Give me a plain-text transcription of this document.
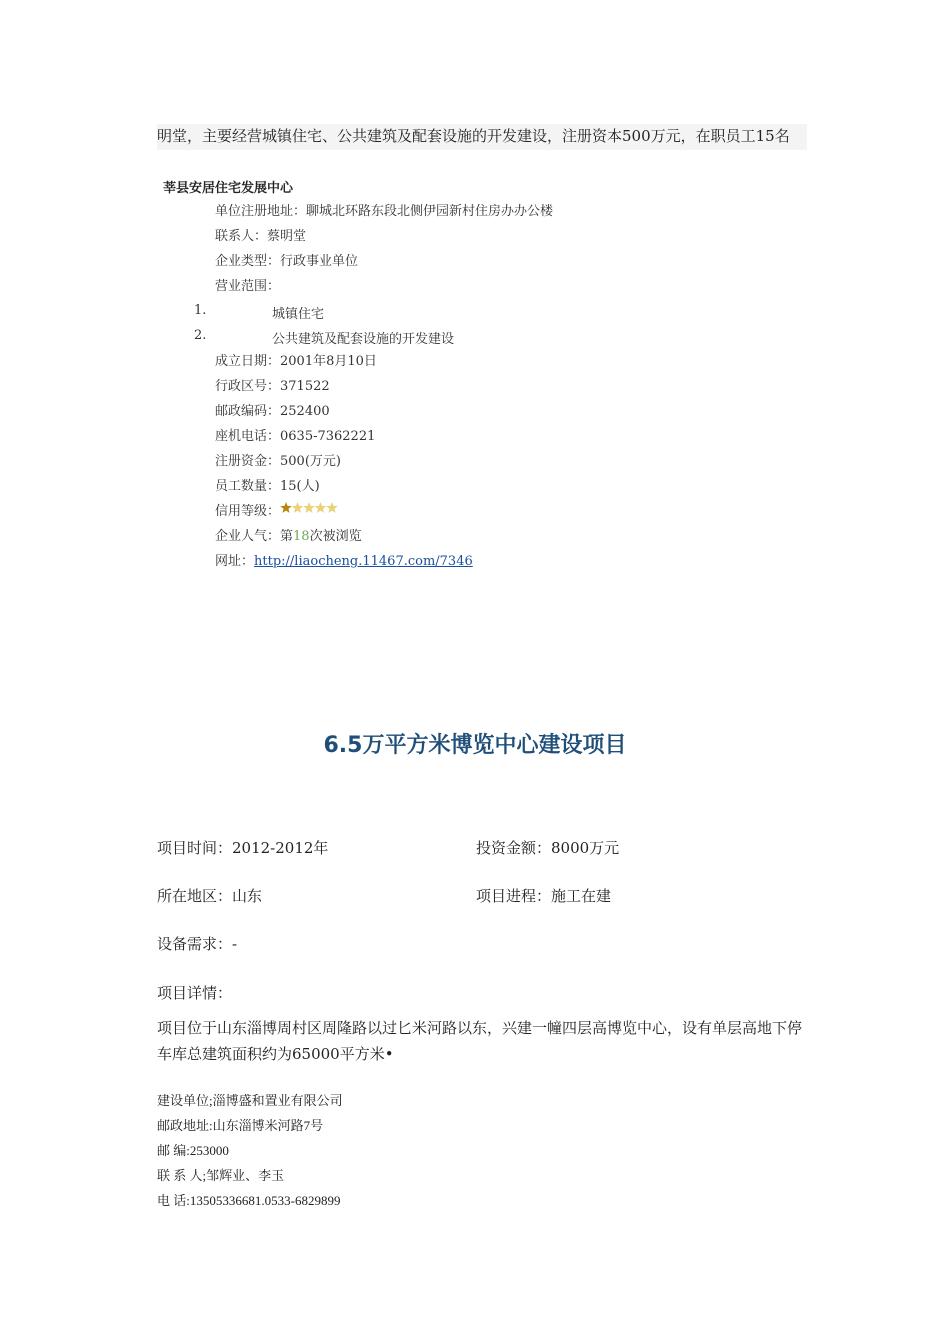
明堂，主要经营城镇住宅、公共建筑及配套设施的开发建设，注册资本500万元，在职员工15名
莘县安居住宅发展中心
单位注册地址：聊城北环路东段北侧伊园新村住房办办公楼
联系人：蔡明堂
企业类型：行政事业单位
营业范围：
成立日期：2001年8月10日
行政区号：371522
邮政编码：252400
座机电话：0635-7362221
注册资金：500(万元)
员工数量：15(人)
信用等级：
企业人气：第18次被浏览
网址：http://liaocheng.11467.com/7346
1.	城镇住宅
2.	公共建筑及配套设施的开发建设
6.5万平方米博览中心建设项目
项目时间：2012-2012年	投资金额：8000万元
所在地区：山东	项目进程：施工在建
设备需求：-
项目详情：
项目位于山东淄博周村区周隆路以过匕米河路以东，兴建一幢四层高博览中心，设有单层高地下停车库总建筑面积约为65000平方米•
建设单位;淄博盛和置业有限公司
邮政地址:山东淄博米河路7号
邮 编:253000
联 系 人;邹辉业、李玉
电 话:13505336681.0533-6829899
